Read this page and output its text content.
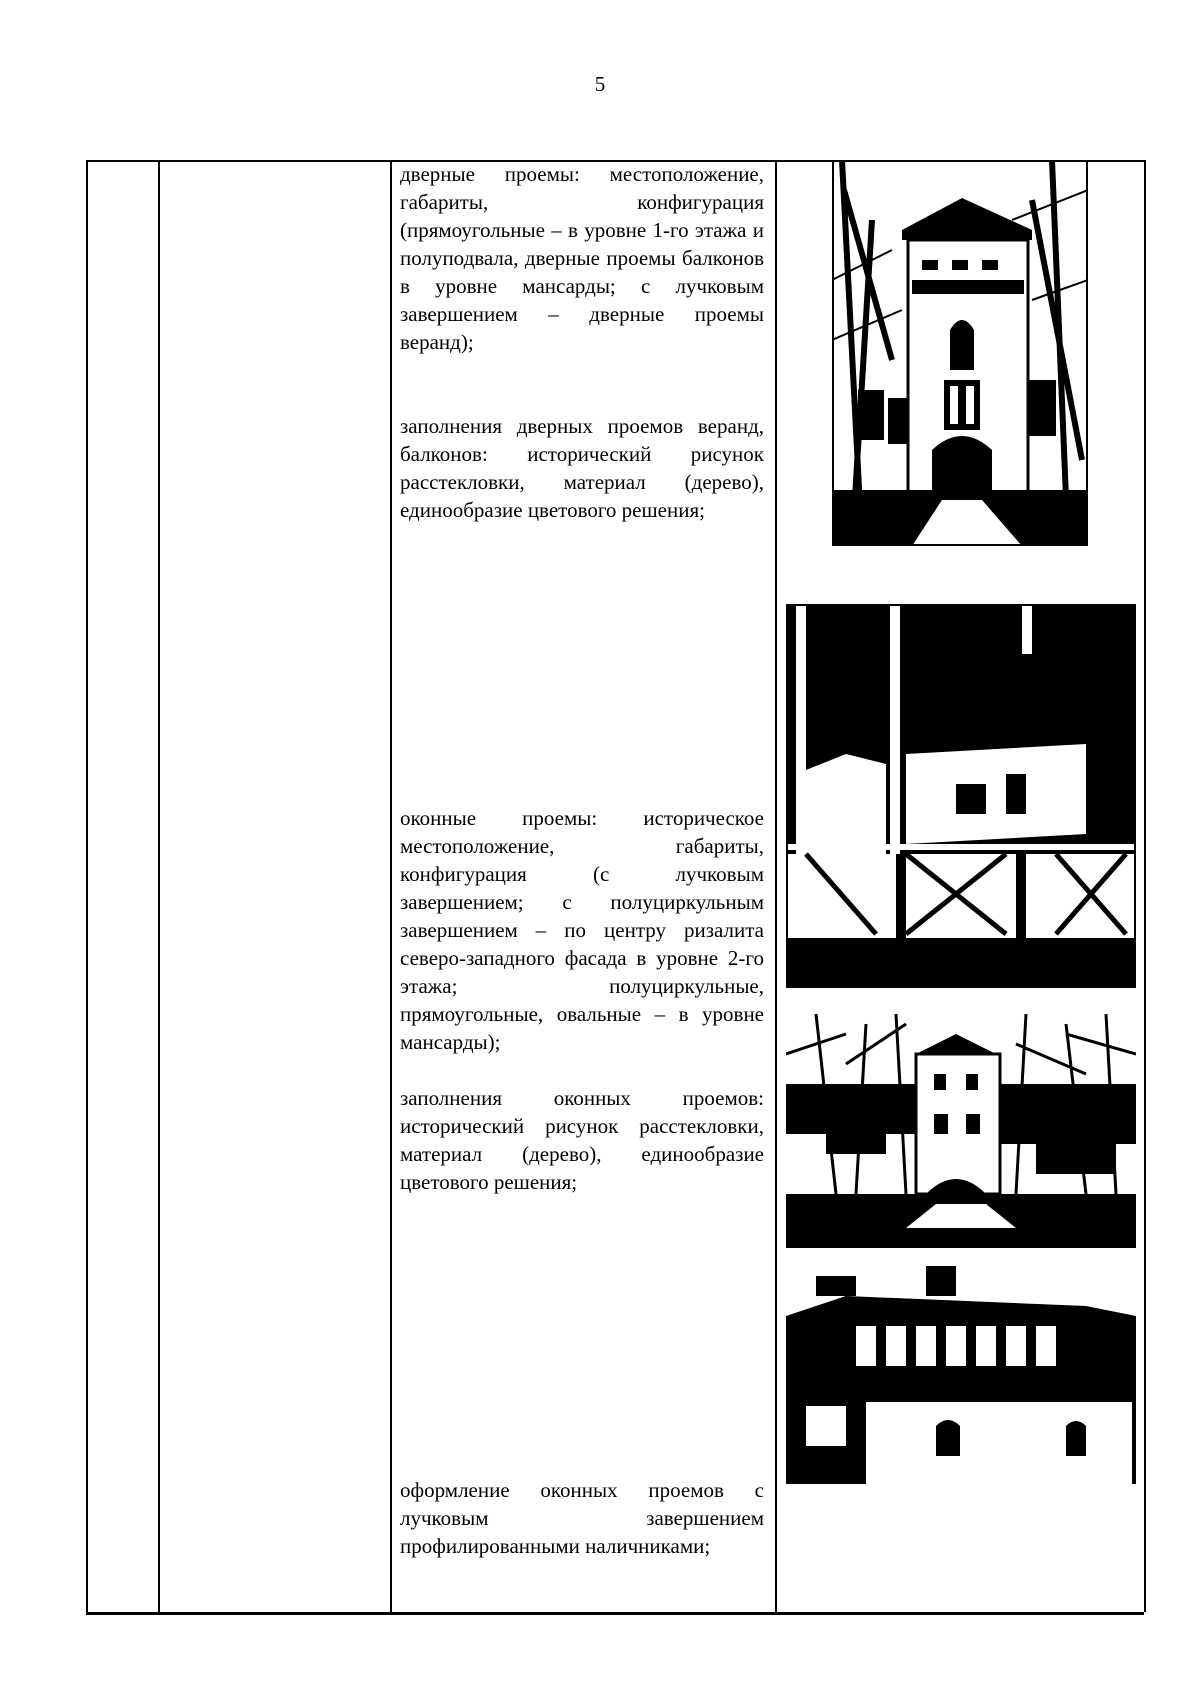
5

дверные проемы: местоположение, габариты, конфигурация (прямоугольные – в уровне 1-го этажа и полуподвала, дверные проемы балконов в уровне мансарды; с лучковым завершением – дверные проемы веранд);

заполнения дверных проемов веранд, балконов: исторический рисунок расстекловки, материал (дерево), единообразие цветового решения;

оконные проемы: историческое местоположение, габариты, конфигурация (с лучковым завершением; с полуциркульным завершением – по центру ризалита северо-западного фасада в уровне 2-го этажа; полуциркульные, прямоугольные, овальные – в уровне мансарды);

заполнения оконных проемов: исторический рисунок расстекловки, материал (дерево), единообразие цветового решения;

оформление оконных проемов с лучковым завершением профилированными наличниками;
